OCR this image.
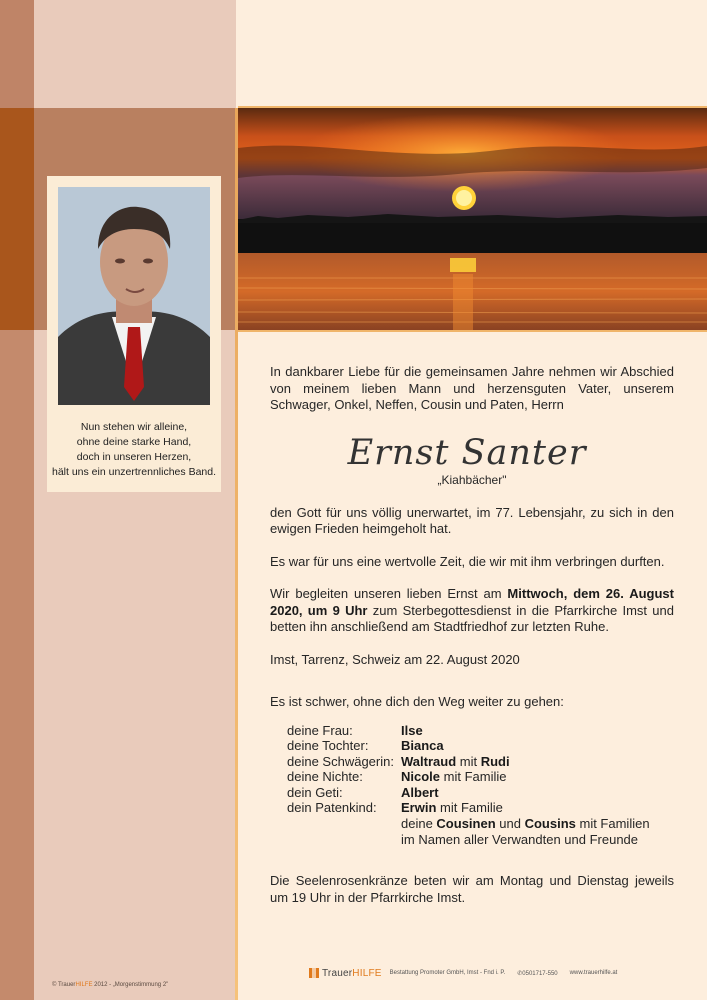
Nun stehen wir alleine,
ohne deine starke Hand,
doch in unseren Herzen,
hält uns ein unzertrennliches Band.

In dankbarer Liebe für die gemeinsamen Jahre nehmen wir Abschied von meinem lieben Mann und herzensguten Vater, unserem Schwager, Onkel, Neffen, Cousin und Paten, Herrn

Ernst Santer
„Kiahbächer"

den Gott für uns völlig unerwartet, im 77. Lebensjahr, zu sich in den ewigen Frieden heimgeholt hat.

Es war für uns eine wertvolle Zeit, die wir mit ihm verbringen durften.

Wir begleiten unseren lieben Ernst am Mittwoch, dem 26. August 2020, um 9 Uhr zum Sterbegottesdienst in die Pfarrkirche Imst und betten ihn anschließend am Stadtfriedhof zur letzten Ruhe.

Imst, Tarrenz, Schweiz am 22. August 2020

Es ist schwer, ohne dich den Weg weiter zu gehen:

deine Frau:	Ilse
deine Tochter:	Bianca
deine Schwägerin: Waltraud mit Rudi
deine Nichte:	Nicole mit Familie
dein Geti:	Albert
dein Patenkind:	Erwin mit Familie
deine Cousinen und Cousins mit Familien
im Namen aller Verwandten und Freunde

Die Seelenrosenkränze beten wir am Montag und Dienstag jeweils um 19 Uhr in der Pfarrkirche Imst.

© TrauerHILFE 2012 - „Morgenstimmung 2"
TrauerHILFE Bestattung Promoter GmbH, Imst - Fnd i. P. ✆0501717-550 www.trauerhilfe.at
